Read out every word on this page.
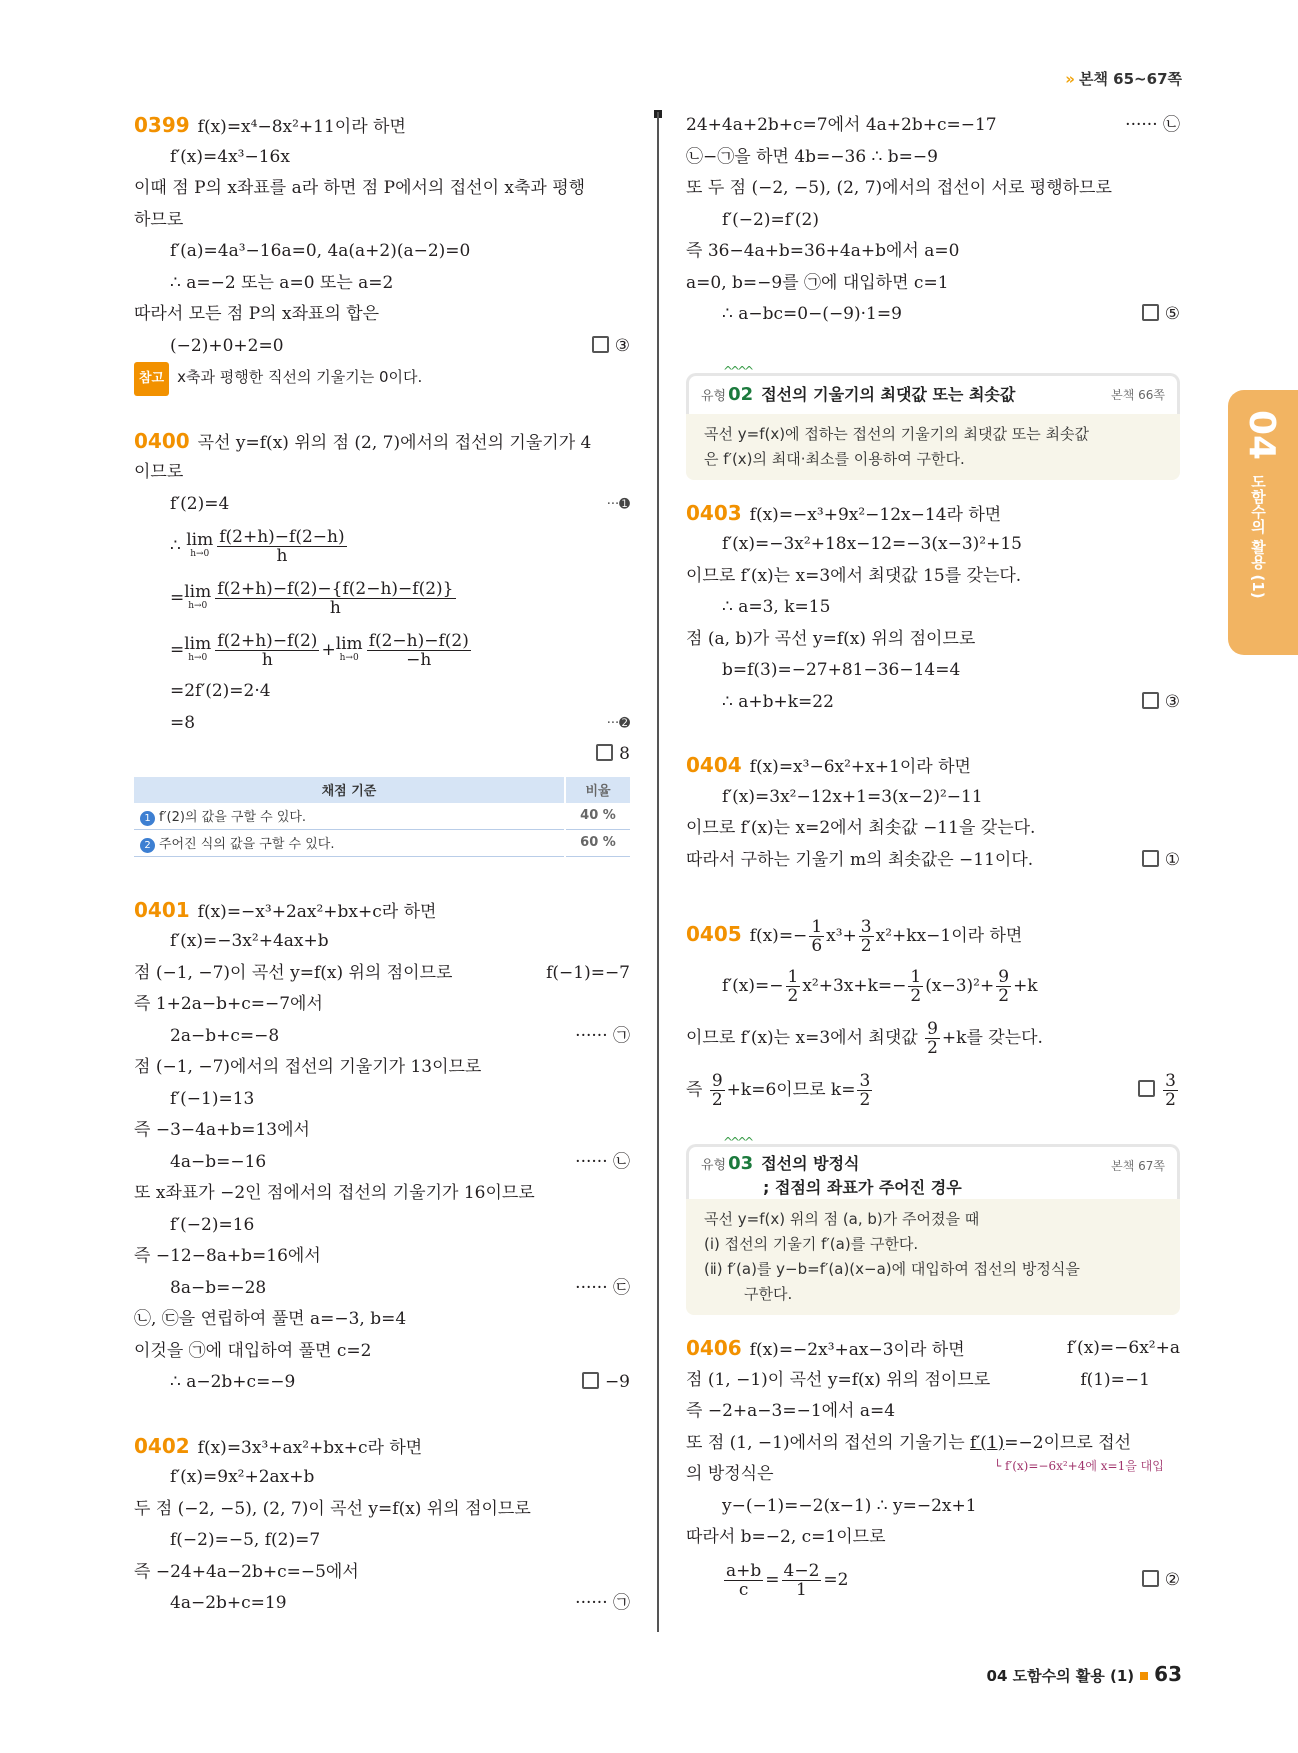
» 본책 65~67쪽
0399 f(x)=x⁴−8x²+11이라 하면
f′(x)=4x³−16x
이때 점 P의 x좌표를 a라 하면 점 P에서의 접선이 x축과 평행
하므로
f′(a)=4a³−16a=0, 4a(a+2)(a−2)=0
∴ a=−2 또는 a=0 또는 a=2
따라서 모든 점 P의 x좌표의 합은
(−2)+0+2=0	③
참고 x축과 평행한 직선의 기울기는 0이다.
0400 곡선 y=f(x) 위의 점 (2, 7)에서의 접선의 기울기가 4
이므로
f′(2)=4	···➊
∴ lim
$h\to 0 \frac{f(2+h)-f(2-h)}{h}$
= lim
$h\to 0 \frac{f(2+h)-f(2)-\{f(2-h)-f(2)\}}{h}$
= lim
$h\to 0 \frac{f(2+h)-f(2)}{h} + \lim$
$h\to 0 \frac{f(2-h)-f(2)}{-h}$
=2f′(2)=2·4
=8	···➋
8
채점 기준	비율
1 f′(2)의 값을 구할 수 있다.	40 %
2 주어진 식의 값을 구할 수 있다.	60 %
0401 f(x)=−x³+2ax²+bx+c라 하면
f′(x)=−3x²+4ax+b
점 (−1, −7)이 곡선 y=f(x) 위의 점이므로	f(−1)=−7
즉 1+2a−b+c=−7에서
2a−b+c=−8	······ ㉠
점 (−1, −7)에서의 접선의 기울기가 13이므로
f′(−1)=13
즉 −3−4a+b=13에서
4a−b=−16	······ ㉡
또 x좌표가 −2인 점에서의 접선의 기울기가 16이므로
f′(−2)=16
즉 −12−8a+b=16에서
8a−b=−28	······ ㉢
㉡, ㉢을 연립하여 풀면 a=−3, b=4
이것을 ㉠에 대입하여 풀면 c=2
∴ a−2b+c=−9	−9
0402 f(x)=3x³+ax²+bx+c라 하면
f′(x)=9x²+2ax+b
두 점 (−2, −5), (2, 7)이 곡선 y=f(x) 위의 점이므로
f(−2)=−5, f(2)=7
즉 −24+4a−2b+c=−5에서
4a−2b+c=19	······ ㉠
24+4a+2b+c=7에서 4a+2b+c=−17	······ ㉡
㉡−㉠을 하면 4b=−36 ∴ b=−9
또 두 점 (−2, −5), (2, 7)에서의 접선이 서로 평행하므로
f′(−2)=f′(2)
즉 36−4a+b=36+4a+b에서 a=0
a=0, b=−9를 ㉠에 대입하면 c=1
∴ a−bc=0−(−9)·1=9	⑤
^^^^
유형 02 접선의 기울기의 최댓값 또는 최솟값	본책 66쪽
곡선 y=f(x)에 접하는 접선의 기울기의 최댓값 또는 최솟값
은 f′(x)의 최대·최소를 이용하여 구한다.
0403 f(x)=−x³+9x²−12x−14라 하면
f′(x)=−3x²+18x−12=−3(x−3)²+15
이므로 f′(x)는 x=3에서 최댓값 15를 갖는다.
∴ a=3, k=15
점 (a, b)가 곡선 y=f(x) 위의 점이므로
b=f(3)=−27+81−36−14=4
∴ a+b+k=22	③
0404 f(x)=x³−6x²+x+1이라 하면
f′(x)=3x²−12x+1=3(x−2)²−11
이므로 f′(x)는 x=2에서 최솟값 −11을 갖는다.
따라서 구하는 기울기 m의 최솟값은 −11이다.	①
0405 $f(x)=- \frac{1}{6} x^3+ \frac{3}{2} x^2+kx-1$이라 하면
$f'(x)=- \frac{1}{2} x^2+3x+k=- \frac{1}{2} (x-3)^2+ \frac{9}{2} +k$
이므로 f′(x)는 x=3에서 최댓값 $\frac{9}{2} +k$를 갖는다.
즉 $\frac{9}{2} +k=6$이므로 $k= \frac{3}{2}$	$\frac{3}{2}$
^^^^
유형 03 접선의 방정식
; 접점의 좌표가 주어진 경우
본책 67쪽
곡선 y=f(x) 위의 점 (a, b)가 주어졌을 때
(ⅰ) 접선의 기울기 f′(a)를 구한다.
(ⅱ) f′(a)를 y−b=f′(a)(x−a)에 대입하여 접선의 방정식을
구한다.
0406 f(x)=−2x³+ax−3이라 하면	f′(x)=−6x²+a
점 (1, −1)이 곡선 y=f(x) 위의 점이므로	f(1)=−1
즉 −2+a−3=−1에서 a=4
또 점 (1, −1)에서의 접선의 기울기는 f′(1)=−2이므로 접선
의 방정식은	└ f′(x)=−6x²+4에 x=1을 대입
y−(−1)=−2(x−1) ∴ y=−2x+1
따라서 b=−2, c=1이므로
$\frac{a+b}{c} = \frac{4-2}{1} =2$	②
04
도함수의 활용 (1)
04 도함수의 활용 (1) 63
